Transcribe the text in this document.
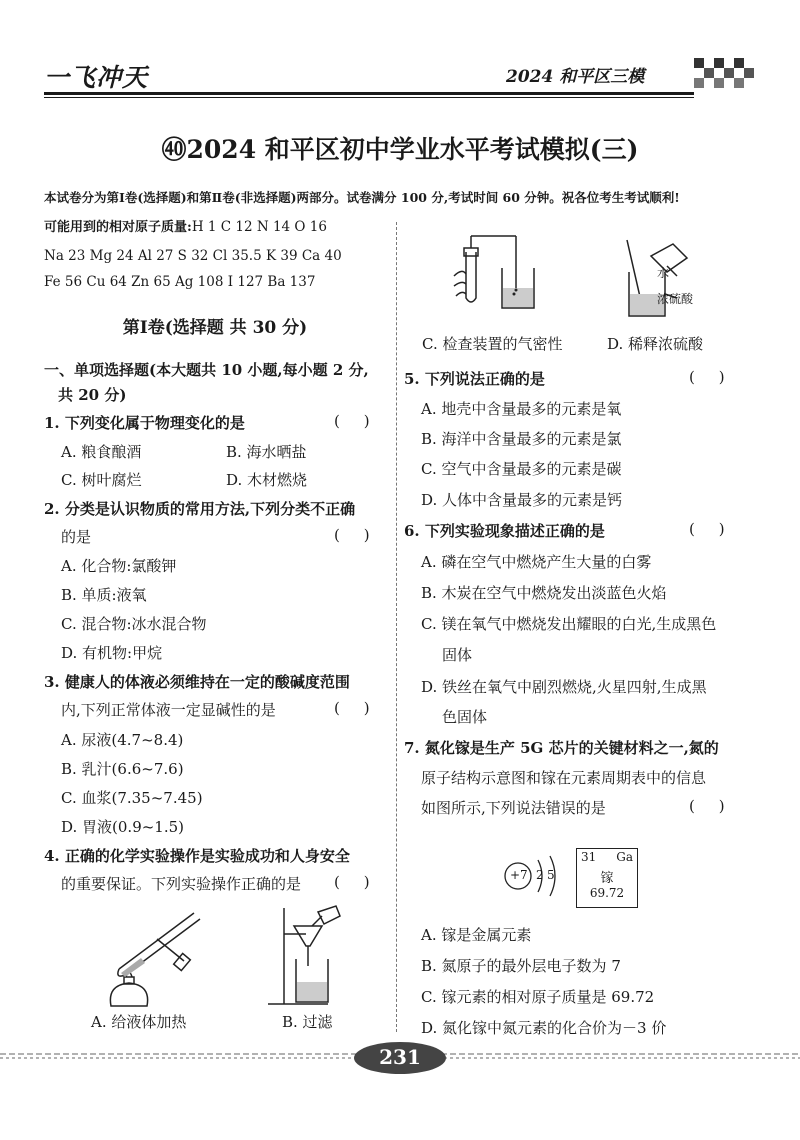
一飞冲天	2024 和平区三模
㊵2024 和平区初中学业水平考试模拟(三)
本试卷分为第Ⅰ卷(选择题)和第Ⅱ卷(非选择题)两部分。试卷满分 100 分,考试时间 60 分钟。祝各位考生考试顺利!
可能用到的相对原子质量:H 1 C 12 N 14 O 16
Na 23 Mg 24 Al 27 S 32 Cl 35.5 K 39 Ca 40
Fe 56 Cu 64 Zn 65 Ag 108 I 127 Ba 137
第Ⅰ卷(选择题 共 30 分)
一、单项选择题(本大题共 10 小题,每小题 2 分,
共 20 分)
1. 下列变化属于物理变化的是	(     )
A. 粮食酿酒	B. 海水晒盐
C. 树叶腐烂	D. 木材燃烧
2. 分类是认识物质的常用方法,下列分类不正确
的是	(     )
A. 化合物:氯酸钾
B. 单质:液氧
C. 混合物:冰水混合物
D. 有机物:甲烷
3. 健康人的体液必须维持在一定的酸碱度范围
内,下列正常体液一定显碱性的是	(     )
A. 尿液(4.7~8.4)
B. 乳汁(6.6~7.6)
C. 血浆(7.35~7.45)
D. 胃液(0.9~1.5)
4. 正确的化学实验操作是实验成功和人身安全
的重要保证。下列实验操作正确的是 (     )
A. 给液体加热	B. 过滤
C. 检查装置的气密性
水
浓硫酸
D. 稀释浓硫酸
5. 下列说法正确的是	(     )
A. 地壳中含量最多的元素是氧
B. 海洋中含量最多的元素是氯
C. 空气中含量最多的元素是碳
D. 人体中含量最多的元素是钙
6. 下列实验现象描述正确的是	(     )
A. 磷在空气中燃烧产生大量的白雾
B. 木炭在空气中燃烧发出淡蓝色火焰
C. 镁在氧气中燃烧发出耀眼的白光,生成黑色
固体
D. 铁丝在氧气中剧烈燃烧,火星四射,生成黑
色固体
7. 氮化镓是生产 5G 芯片的关键材料之一,氮的
原子结构示意图和镓在元素周期表中的信息
如图所示,下列说法错误的是	(     )
+7 2 5
31 Ga
镓
69.72
A. 镓是金属元素
B. 氮原子的最外层电子数为 7
C. 镓元素的相对原子质量是 69.72
D. 氮化镓中氮元素的化合价为－3 价
231
